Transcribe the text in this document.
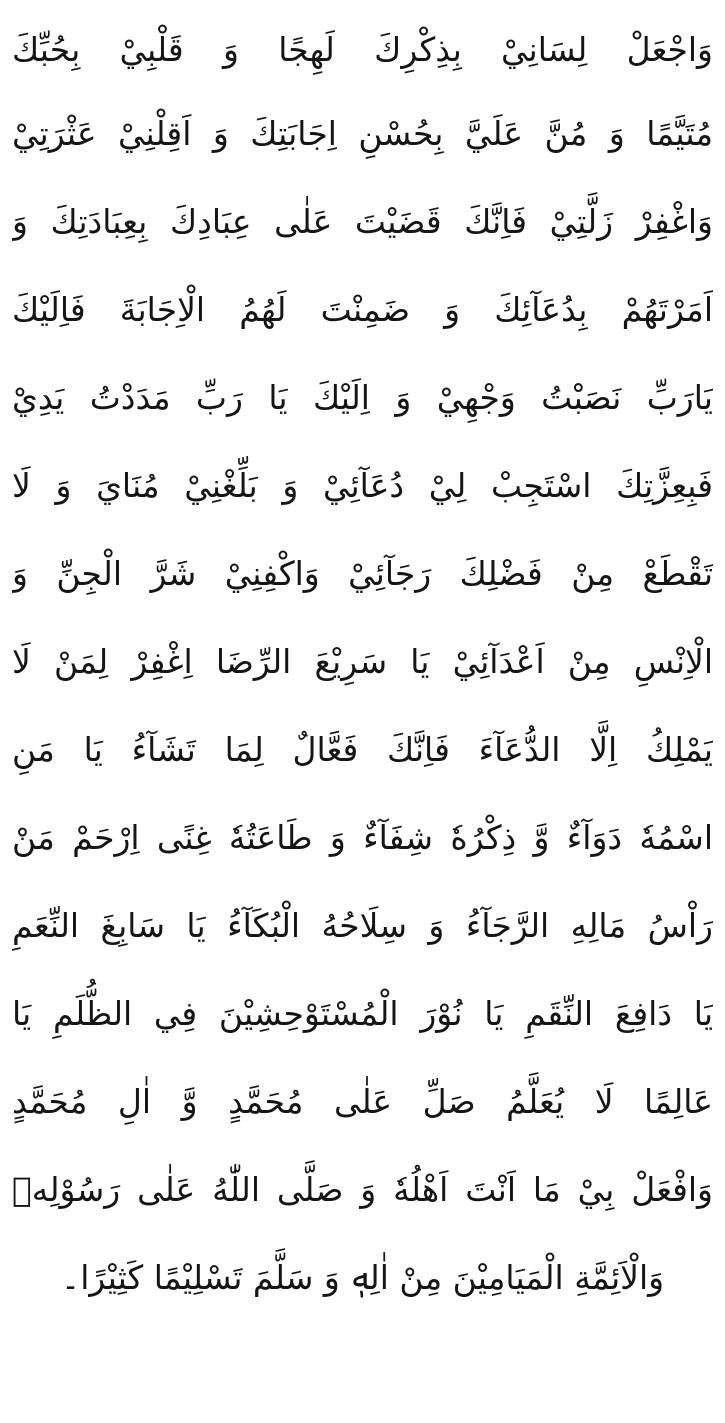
وَاجْعَلْ لِسَانِيْ بِذِكْرِكَ لَهِجًا وَ قَلْبِيْ بِحُبِّكَ
مُتَيَّمًا وَ مُنَّ عَلَيَّ بِحُسْنِ اِجَابَتِكَ وَ اَقِلْنِيْ عَثْرَتِيْ
وَاغْفِرْ زَلَّتِيْ فَاِنَّكَ قَضَيْتَ عَلٰى عِبَادِكَ بِعِبَادَتِكَ وَ
اَمَرْتَهُمْ بِدُعَآئِكَ وَ ضَمِنْتَ لَهُمُ الْاِجَابَةَ فَاِلَيْكَ
يَارَبِّ نَصَبْتُ وَجْهِيْ وَ اِلَيْكَ يَا رَبِّ مَدَدْتُ يَدِيْ
فَبِعِزَّتِكَ اسْتَجِبْ لِيْ دُعَآئِيْ وَ بَلِّغْنِيْ مُنَايَ وَ لَا
تَقْطَعْ مِنْ فَضْلِكَ رَجَآئِيْ وَاكْفِنِيْ شَرَّ الْجِنِّ وَ
الْاِنْسِ مِنْ اَعْدَآئِيْ يَا سَرِيْعَ الرِّضَا اِغْفِرْ لِمَنْ لَا
يَمْلِكُ اِلَّا الدُّعَآءَ فَاِنَّكَ فَعَّالٌ لِمَا تَشَآءُ يَا مَنِ
اسْمُهٗ دَوَآءٌ وَّ ذِكْرُهٗ شِفَآءٌ وَ طَاعَتُهٗ غِنًى اِرْحَمْ مَنْ
رَاْسُ مَالِهِ الرَّجَآءُ وَ سِلَاحُهُ الْبُكَآءُ يَا سَابِغَ النِّعَمِ
يَا دَافِعَ النِّقَمِ يَا نُوْرَ الْمُسْتَوْحِشِيْنَ فِي الظُّلَمِ يَا
عَالِمًا لَا يُعَلَّمُ صَلِّ عَلٰى مُحَمَّدٍ وَّ اٰلِ مُحَمَّدٍ
وَافْعَلْ بِيْ مَا اَنْتَ اَهْلُهٗ وَ صَلَّى اللّٰهُ عَلٰى رَسُوْلِهٖ
وَالْاَئِمَّةِ الْمَيَامِيْنَ مِنْ اٰلِهٖ وَ سَلَّمَ تَسْلِيْمًا كَثِيْرًا۔
